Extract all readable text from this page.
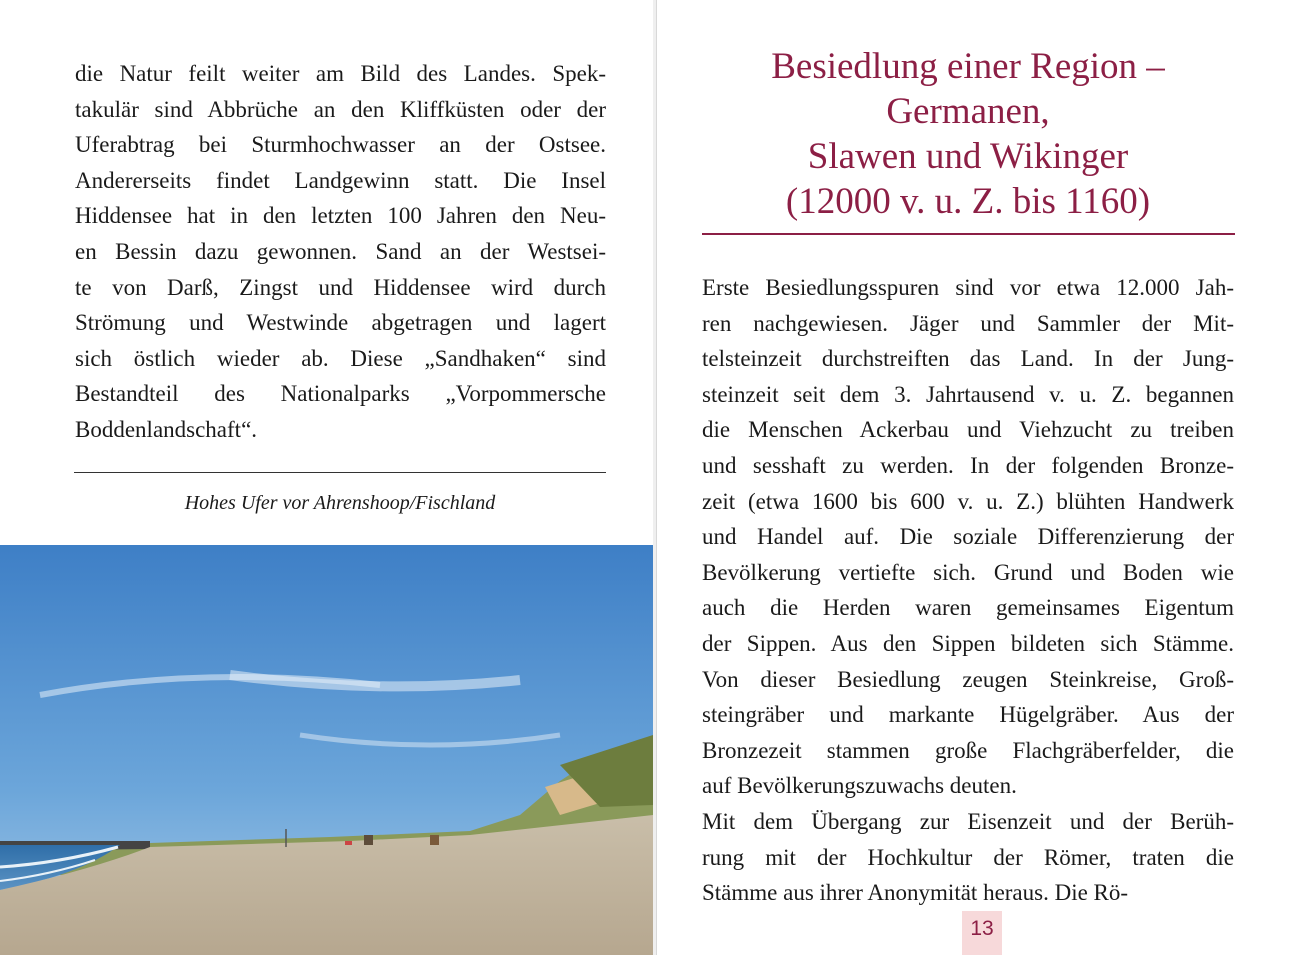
die Natur feilt weiter am Bild des Landes. Spek-
takulär sind Abbrüche an den Kliffküsten oder der
Uferabtrag bei Sturmhochwasser an der Ostsee.
Andererseits findet Landgewinn statt. Die Insel
Hiddensee hat in den letzten 100 Jahren den Neu-
en Bessin dazu gewonnen. Sand an der Westsei-
te von Darß, Zingst und Hiddensee wird durch
Strömung und Westwinde abgetragen und lagert
sich östlich wieder ab. Diese „Sandhaken“ sind
Bestandteil des Nationalparks „Vorpommersche
Boddenlandschaft“.

Hohes Ufer vor Ahrenshoop/Fischland
Besiedlung einer Region –
Germanen,
Slawen und Wikinger
(12000 v. u. Z. bis 1160)

Erste Besiedlungsspuren sind vor etwa 12.000 Jah-
ren nachgewiesen. Jäger und Sammler der Mit-
telsteinzeit durchstreiften das Land. In der Jung-
steinzeit seit dem 3. Jahrtausend v. u. Z. begannen
die Menschen Ackerbau und Viehzucht zu treiben
und sesshaft zu werden. In der folgenden Bronze-
zeit (etwa 1600 bis 600 v. u. Z.) blühten Handwerk
und Handel auf. Die soziale Differenzierung der
Bevölkerung vertiefte sich. Grund und Boden wie
auch die Herden waren gemeinsames Eigentum
der Sippen. Aus den Sippen bildeten sich Stämme.
Von dieser Besiedlung zeugen Steinkreise, Groß-
steingräber und markante Hügelgräber. Aus der
Bronzezeit stammen große Flachgräberfelder, die
auf Bevölkerungszuwachs deuten.

Mit dem Übergang zur Eisenzeit und der Berüh-
rung mit der Hochkultur der Römer, traten die
Stämme aus ihrer Anonymität heraus. Die Rö-

13
